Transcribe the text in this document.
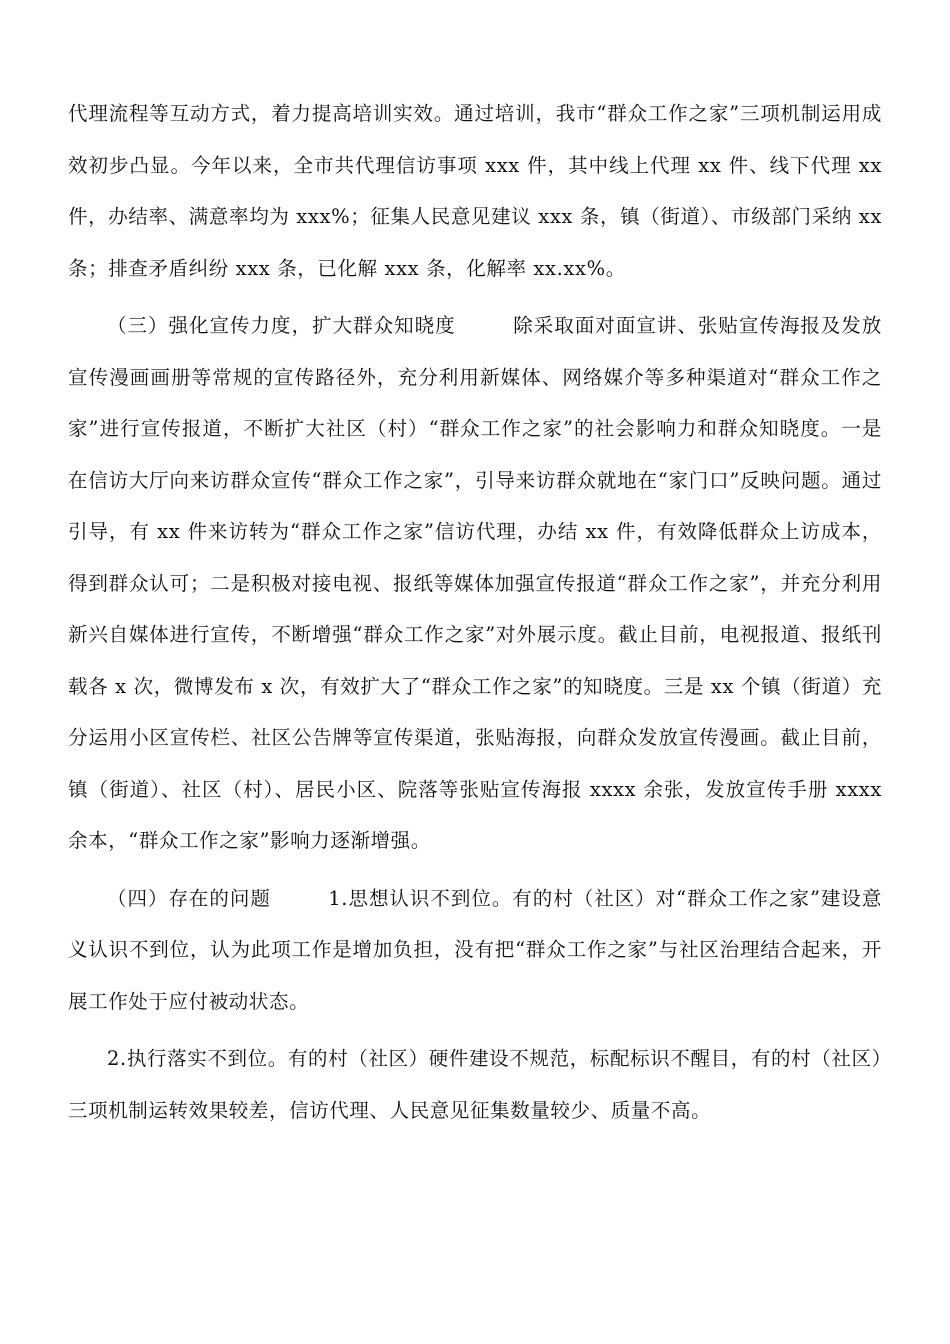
代理流程等互动方式，着力提高培训实效。通过培训，我市“群众工作之家”三项机制运用成效初步凸显。今年以来，全市共代理信访事项 xxx 件，其中线上代理 xx 件、线下代理 xx 件，办结率、满意率均为 xxx%；征集人民意见建议 xxx 条，镇（街道）、市级部门采纳 xx 条；排查矛盾纠纷 xxx 条，已化解 xxx 条，化解率 xx.xx%。

（三）强化宣传力度，扩大群众知晓度	除采取面对面宣讲、张贴宣传海报及发放宣传漫画画册等常规的宣传路径外，充分利用新媒体、网络媒介等多种渠道对“群众工作之家”进行宣传报道，不断扩大社区（村）“群众工作之家”的社会影响力和群众知晓度。一是在信访大厅向来访群众宣传“群众工作之家”，引导来访群众就地在“家门口”反映问题。通过引导，有 xx 件来访转为“群众工作之家”信访代理，办结 xx 件，有效降低群众上访成本，得到群众认可；二是积极对接电视、报纸等媒体加强宣传报道“群众工作之家”，并充分利用新兴自媒体进行宣传，不断增强“群众工作之家”对外展示度。截止目前，电视报道、报纸刊载各 x 次，微博发布 x 次，有效扩大了“群众工作之家”的知晓度。三是 xx 个镇（街道）充分运用小区宣传栏、社区公告牌等宣传渠道，张贴海报，向群众发放宣传漫画。截止目前，镇（街道）、社区（村）、居民小区、院落等张贴宣传海报 xxxx 余张，发放宣传手册 xxxx 余本，“群众工作之家”影响力逐渐增强。

（四）存在的问题	1.思想认识不到位。有的村（社区）对“群众工作之家”建设意义认识不到位，认为此项工作是增加负担，没有把“群众工作之家”与社区治理结合起来，开展工作处于应付被动状态。

2.执行落实不到位。有的村（社区）硬件建设不规范，标配标识不醒目，有的村（社区）三项机制运转效果较差，信访代理、人民意见征集数量较少、质量不高。
